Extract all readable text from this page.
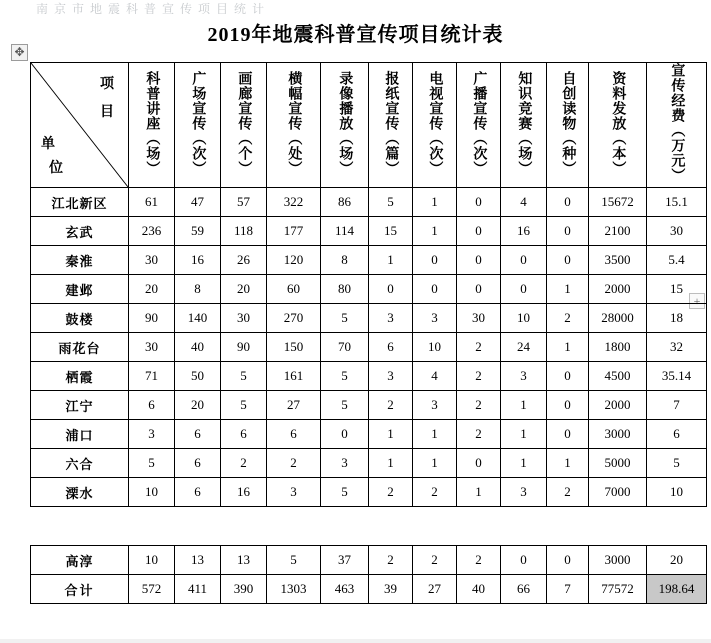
南京市地震科普宣传项目统计
2019年地震科普宣传项目统计表
✥
+
项
目
单
位	科普讲座（场）	广场宣传（次）	画廊宣传（个）	横幅宣传（处）	录像播放（场）	报纸宣传（篇）	电视宣传（次）	广播宣传（次）	知识竞赛（场）	自创读物（种）	资料发放（本）	宣传经费（万元）
江北新区	61	47	57	322	86	5	1	0	4	0	15672	15.1
玄武	236	59	118	177	114	15	1	0	16	0	2100	30
秦淮	30	16	26	120	8	1	0	0	0	0	3500	5.4
建邺	20	8	20	60	80	0	0	0	0	1	2000	15
鼓楼	90	140	30	270	5	3	3	30	10	2	28000	18
雨花台	30	40	90	150	70	6	10	2	24	1	1800	32
栖霞	71	50	5	161	5	3	4	2	3	0	4500	35.14
江宁	6	20	5	27	5	2	3	2	1	0	2000	7
浦口	3	6	6	6	0	1	1	2	1	0	3000	6
六合	5	6	2	2	3	1	1	0	1	1	5000	5
溧水	10	6	16	3	5	2	2	1	3	2	7000	10

高淳	10	13	13	5	37	2	2	2	0	0	3000	20
合计	572	411	390	1303	463	39	27	40	66	7	77572	198.64
